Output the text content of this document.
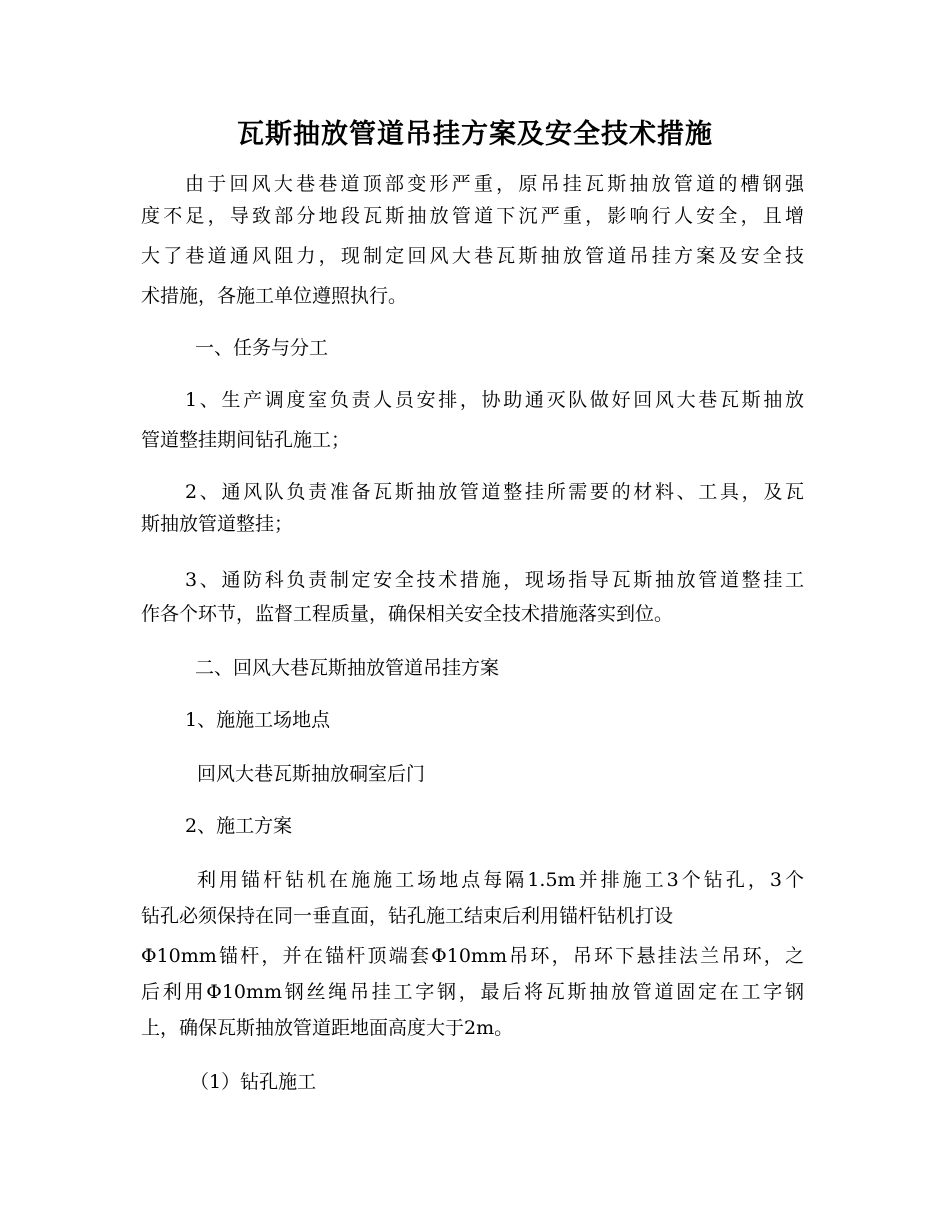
瓦斯抽放管道吊挂方案及安全技术措施
由于回风大巷巷道顶部变形严重，原吊挂瓦斯抽放管道的槽钢强
度不足，导致部分地段瓦斯抽放管道下沉严重，影响行人安全，且增
大了巷道通风阻力，现制定回风大巷瓦斯抽放管道吊挂方案及安全技
术措施，各施工单位遵照执行。
一、任务与分工
1、生产调度室负责人员安排，协助通灭队做好回风大巷瓦斯抽放
管道整挂期间钻孔施工；
2、通风队负责准备瓦斯抽放管道整挂所需要的材料、工具，及瓦
斯抽放管道整挂；
3、通防科负责制定安全技术措施，现场指导瓦斯抽放管道整挂工
作各个环节，监督工程质量，确保相关安全技术措施落实到位。
二、回风大巷瓦斯抽放管道吊挂方案
1、施施工场地点
回风大巷瓦斯抽放硐室后门
2、施工方案
利用锚杆钻机在施施工场地点每隔1.5m并排施工3个钻孔，3个
钻孔必须保持在同一垂直面，钻孔施工结束后利用锚杆钻机打设
Φ10mm锚杆，并在锚杆顶端套Φ10mm吊环，吊环下悬挂法兰吊环，之
后利用Φ10mm钢丝绳吊挂工字钢，最后将瓦斯抽放管道固定在工字钢
上，确保瓦斯抽放管道距地面高度大于2m。
（1）钻孔施工
